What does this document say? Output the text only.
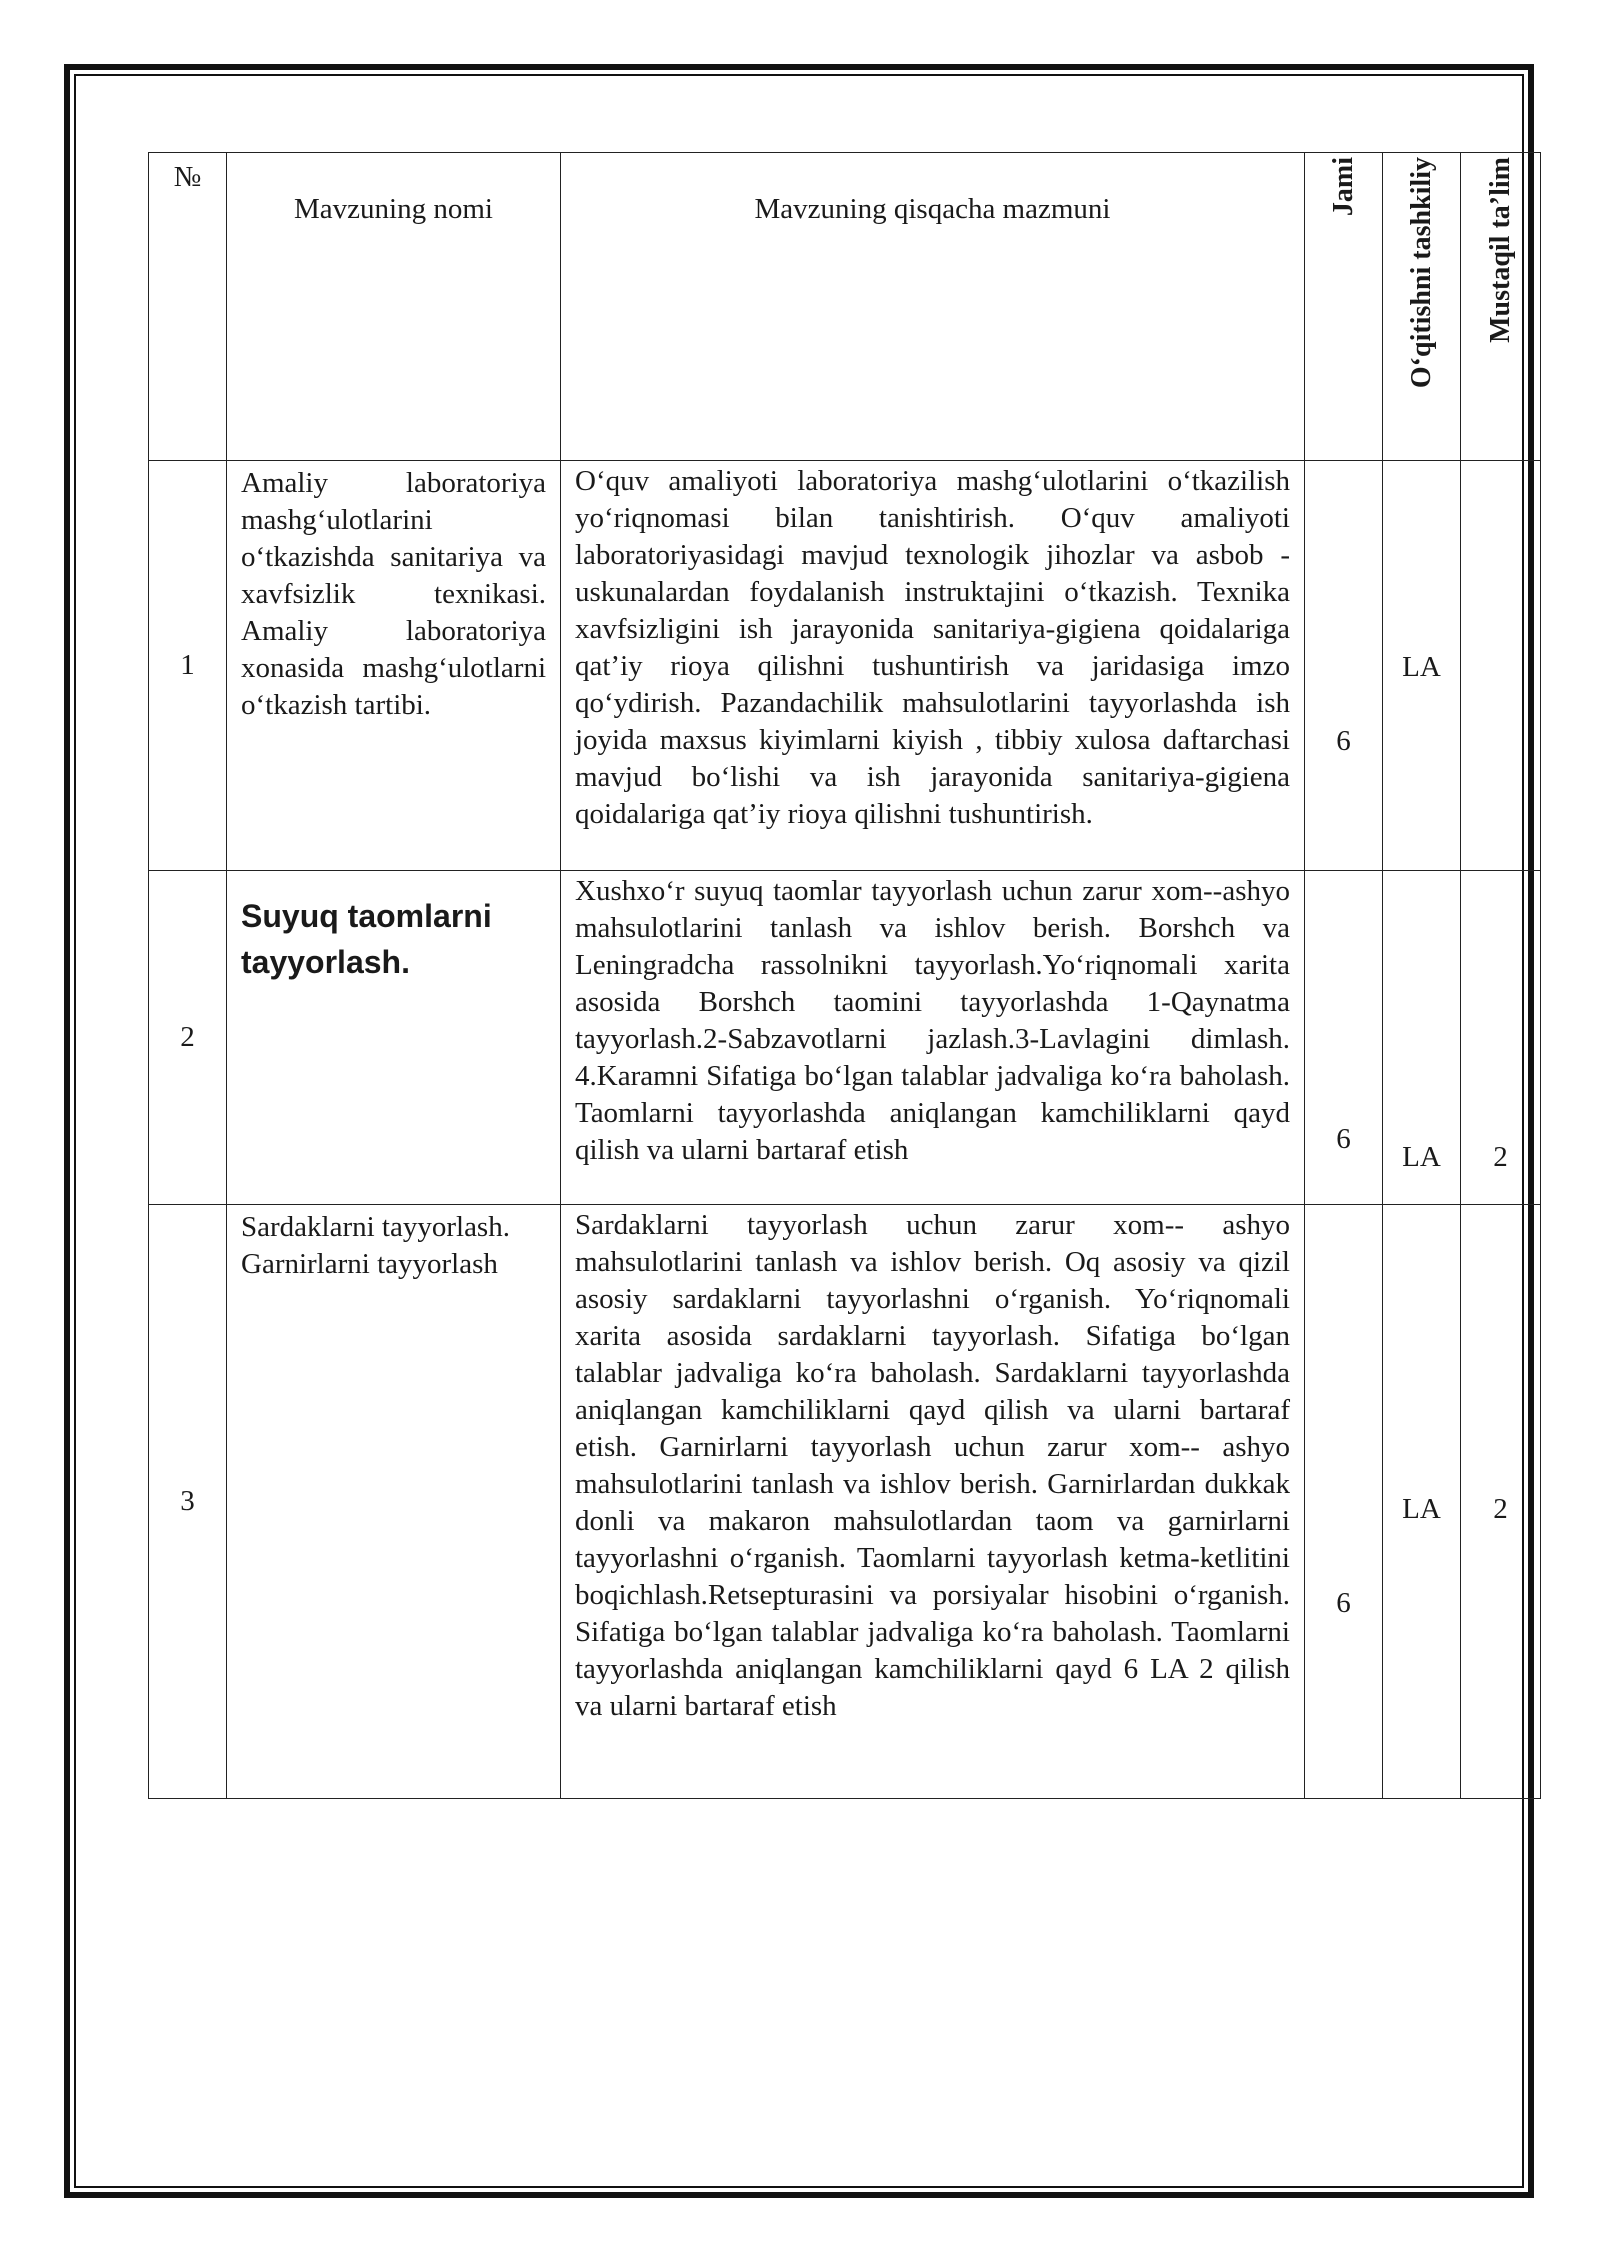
№	Mavzuning nomi	Mavzuning qisqacha mazmuni	Jami	O‘qitishni tashkiliy	Mustaqil ta’lim

1	Amaliy laboratoriya mashg‘ulotlarini o‘tkazishda sanitariya va xavfsizlik texnikasi. Amaliy laboratoriya xonasida mashg‘ulotlarni o‘tkazish tartibi.	O‘quv amaliyoti laboratoriya mashg‘ulotlarini o‘tkazilish yo‘riqnomasi bilan tanishtirish. O‘quv amaliyoti laboratoriyasidagi mavjud texnologik jihozlar va asbob -uskunalardan foydalanish instruktajini o‘tkazish. Texnika xavfsizligini ish jarayonida sanitariya-gigiena qoidalariga qat’iy rioya qilishni tushuntirish va jaridasiga imzo qo‘ydirish. Pazandachilik mahsulotlarini tayyorlashda ish joyida maxsus kiyimlarni kiyish , tibbiy xulosa daftarchasi mavjud bo‘lishi va ish jarayonida sanitariya-gigiena qoidalariga qat’iy rioya qilishni tushuntirish.	6	LA	

2	Suyuq taomlarni tayyorlash.	Xushxo‘r suyuq taomlar tayyorlash uchun zarur xom--ashyo mahsulotlarini tanlash va ishlov berish. Borshch va Leningradcha rassolnikni tayyorlash.Yo‘riqnomali xarita asosida Borshch taomini tayyorlashda 1-Qaynatma tayyorlash.2-Sabzavotlarni jazlash.3-Lavlagini dimlash. 4.Karamni Sifatiga bo‘lgan talablar jadvaliga ko‘ra baholash. Taomlarni tayyorlashda aniqlangan kamchiliklarni qayd qilish va ularni bartaraf etish	6	LA	2

3	Sardaklarni tayyorlash. Garnirlarni tayyorlash	Sardaklarni tayyorlash uchun zarur xom-- ashyo mahsulotlarini tanlash va ishlov berish. Oq asosiy va qizil asosiy sardaklarni tayyorlashni o‘rganish. Yo‘riqnomali xarita asosida sardaklarni tayyorlash. Sifatiga bo‘lgan talablar jadvaliga ko‘ra baholash. Sardaklarni tayyorlashda aniqlangan kamchiliklarni qayd qilish va ularni bartaraf etish. Garnirlarni tayyorlash uchun zarur xom-- ashyo mahsulotlarini tanlash va ishlov berish. Garnirlardan dukkak donli va makaron mahsulotlardan taom va garnirlarni tayyorlashni o‘rganish. Taomlarni tayyorlash ketma-ketlitini boqichlash.Retsepturasini va porsiyalar hisobini o‘rganish. Sifatiga bo‘lgan talablar jadvaliga ko‘ra baholash. Taomlarni tayyorlashda aniqlangan kamchiliklarni qayd 6 LA 2 qilish va ularni bartaraf etish	6	LA	2
